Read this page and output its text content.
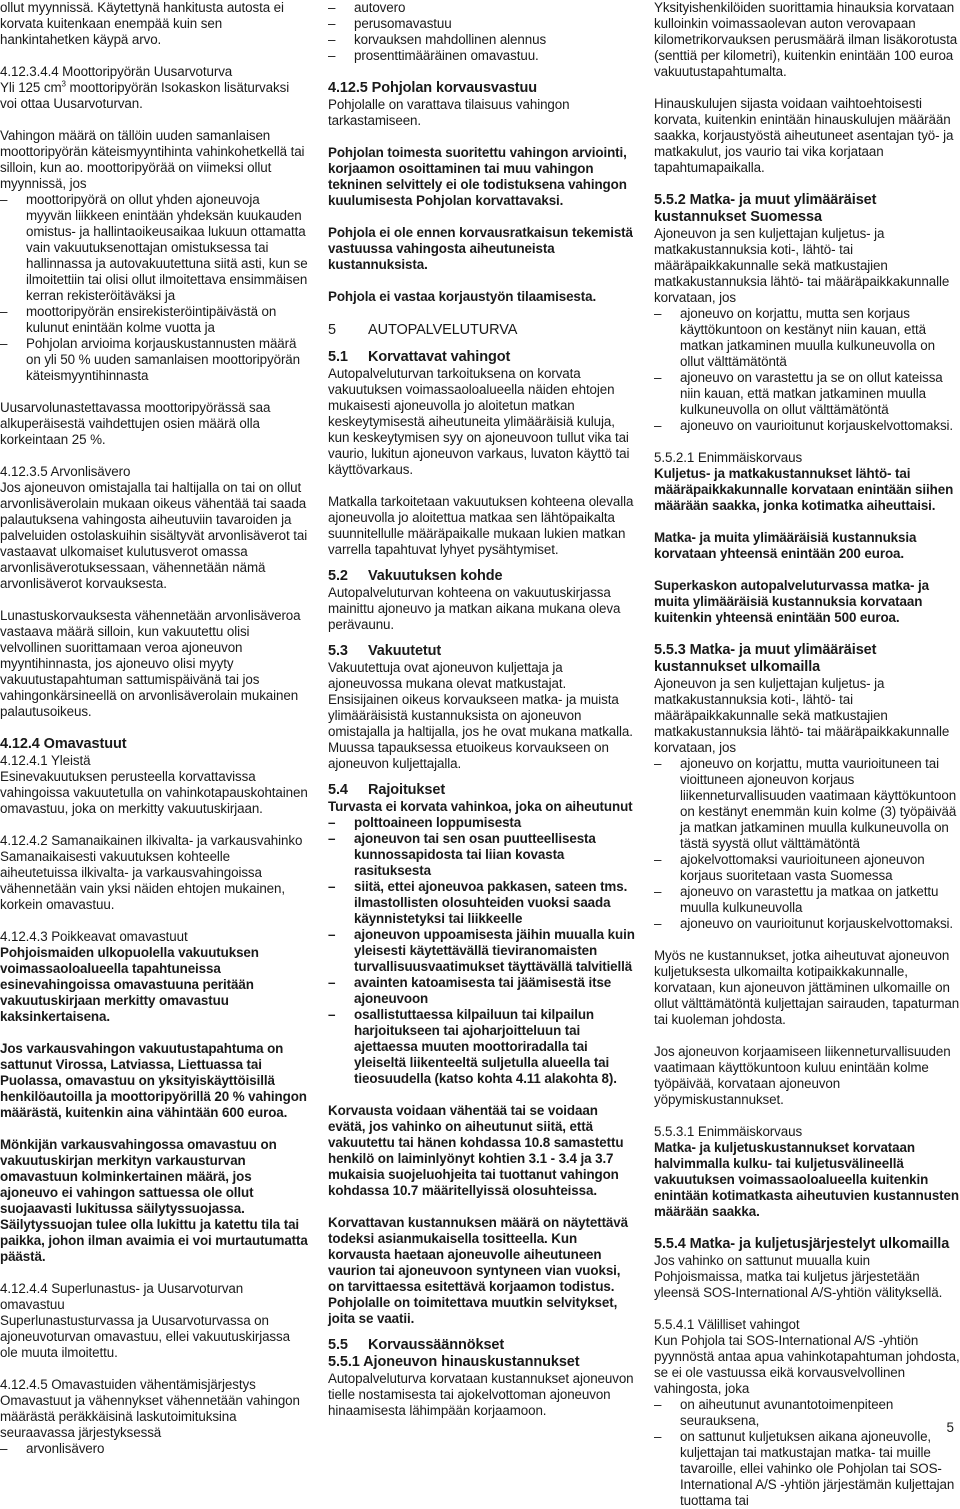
ollut myynnissä. Käytettynä hankitusta autosta ei korvata kuitenkaan enempää kuin sen hankintahetken käypä arvo.

4.12.3.4.4 Moottoripyörän Uusarvoturva

Yli 125 $cm^3$ moottoripyörän Isokaskon lisäturvaksi voi ottaa Uusarvoturvan.

Vahingon määrä on tällöin uuden samanlaisen moottoripyörän käteismyyntihinta vahinkohetkellä tai silloin, kun ao. moottoripyörää on viimeksi ollut myynnissä, jos

– moottoripyörä on ollut yhden ajoneuvoja myyvän liikkeen enintään yhdeksän kuukauden omistus- ja hallintaoikeusaikaa lukuun ottamatta vain vakuutuksenottajan omistuksessa tai hallinnassa ja autovakuutettuna siitä asti, kun se ilmoitettiin tai olisi ollut ilmoitettava ensimmäisen kerran rekisteröitäväksi ja
– moottoripyörän ensirekisteröintipäivästä on kulunut enintään kolme vuotta ja
– Pohjolan arvioima korjauskustannusten määrä on yli 50 % uuden samanlaisen moottoripyörän käteismyyntihinnasta

Uusarvolunastettavassa moottoripyörässä saa alkuperäisestä vaihdettujen osien määrä olla korkeintaan 25 %.

4.12.3.5 Arvonlisävero

Jos ajoneuvon omistajalla tai haltijalla on tai on ollut arvonlisäverolain mukaan oikeus vähentää tai saada palautuksena vahingosta aiheutuviin tavaroiden ja palveluiden ostolaskuihin sisältyvät arvonlisäverot tai vastaavat ulkomaiset kulutusverot omassa arvonlisäverotuksessaan, vähennetään nämä arvonlisäverot korvauksesta.

Lunastuskorvauksesta vähennetään arvonlisäveroa vastaava määrä silloin, kun vakuutettu olisi velvollinen suorittamaan veroa ajoneuvon myyntihinnasta, jos ajoneuvo olisi myyty vakuutustapahtuman sattumispäivänä tai jos vahingonkärsineellä on arvonlisäverolain mukainen palautusoikeus.

4.12.4 Omavastuut

4.12.4.1 Yleistä

Esinevakuutuksen perusteella korvattavissa vahingoissa vakuutetulla on vahinkotapauskohtainen omavastuu, joka on merkitty vakuutuskirjaan.

4.12.4.2 Samanaikainen ilkivalta- ja varkausvahinko

Samanaikaisesti vakuutuksen kohteelle aiheutetuissa ilkivalta- ja varkausvahingoissa vähennetään vain yksi näiden ehtojen mukainen, korkein omavastuu.

4.12.4.3 Poikkeavat omavastuut

Pohjoismaiden ulkopuolella vakuutuksen voimassaoloalueella tapahtuneissa esinevahingoissa omavastuuna peritään vakuutuskirjaan merkitty omavastuu kaksinkertaisena.

Jos varkausvahingon vakuutustapahtuma on sattunut Virossa, Latviassa, Liettuassa tai Puolassa, omavastuu on yksityiskäyttöisillä henkilöautoilla ja moottoripyörillä 20 % vahingon määrästä, kuitenkin aina vähintään 600 euroa.

Mönkijän varkausvahingossa omavastuu on vakuutuskirjan merkityn varkausturvan omavastuun kolminkertainen määrä, jos ajoneuvo ei vahingon sattuessa ole ollut suojaavasti lukitussa säilytyssuojassa. Säilytyssuojan tulee olla lukittu ja katettu tila tai paikka, johon ilman avaimia ei voi murtautumatta päästä.

4.12.4.4 Superlunastus- ja Uusarvoturvan omavastuu

Superlunastusturvassa ja Uusarvoturvassa on ajoneuvoturvan omavastuu, ellei vakuutuskirjassa ole muuta ilmoitettu.

4.12.4.5 Omavastuiden vähentämisjärjestys

Omavastuut ja vähennykset vähennetään vahingon määrästä peräkkäisinä laskutoimituksina seuraavassa järjestyksessä

– arvonlisävero
– autovero
– perusomavastuu
– korvauksen mahdollinen alennus
– prosenttimääräinen omavastuu.

4.12.5 Pohjolan korvausvastuu

Pohjolalle on varattava tilaisuus vahingon tarkastamiseen.

Pohjolan toimesta suoritettu vahingon arviointi, korjaamon osoittaminen tai muu vahingon tekninen selvittely ei ole todistuksena vahingon kuulumisesta Pohjolan korvattavaksi.

Pohjola ei ole ennen korvausratkaisun tekemistä vastuussa vahingosta aiheutuneista kustannuksista.

Pohjola ei vastaa korjaustyön tilaamisesta.

5 AUTOPALVELUTURVA

5.1 Korvattavat vahingot

Autopalveluturvan tarkoituksena on korvata vakuutuksen voimassaoloalueella näiden ehtojen mukaisesti ajoneuvolla jo aloitetun matkan keskeytymisestä aiheutuneita ylimääräisiä kuluja, kun keskeytymisen syy on ajoneuvoon tullut vika tai vaurio, lukitun ajoneuvon varkaus, luvaton käyttö tai käyttövarkaus.

Matkalla tarkoitetaan vakuutuksen kohteena olevalla ajoneuvolla jo aloitettua matkaa sen lähtöpaikalta suunnitellulle määräpaikalle mukaan lukien matkan varrella tapahtuvat lyhyet pysähtymiset.

5.2 Vakuutuksen kohde

Autopalveluturvan kohteena on vakuutuskirjassa mainittu ajoneuvo ja matkan aikana mukana oleva perävaunu.

5.3 Vakuutetut

Vakuutettuja ovat ajoneuvon kuljettaja ja ajoneuvossa mukana olevat matkustajat. Ensisijainen oikeus korvaukseen matka- ja muista ylimääräisistä kustannuksista on ajoneuvon omistajalla ja haltijalla, jos he ovat mukana matkalla. Muussa tapauksessa etuoikeus korvaukseen on ajoneuvon kuljettajalla.

5.4 Rajoitukset

Turvasta ei korvata vahinkoa, joka on aiheutunut

– polttoaineen loppumisesta
– ajoneuvon tai sen osan puutteellisesta kunnossapidosta tai liian kovasta rasituksesta
– siitä, ettei ajoneuvoa pakkasen, sateen tms. ilmastollisten olosuhteiden vuoksi saada käynnistetyksi tai liikkeelle
– ajoneuvon uppoamisesta jäihin muualla kuin yleisesti käytettävällä tieviranomaisten turvallisuusvaatimukset täyttävällä talvitiellä
– avainten katoamisesta tai jäämisestä itse ajoneuvoon
– osallistuttaessa kilpailuun tai kilpailun harjoitukseen tai ajoharjoitteluun tai ajettaessa muuten moottoriradalla tai yleiseltä liikenteeltä suljetulla alueella tai tieosuudella (katso kohta 4.11 alakohta 8).

Korvausta voidaan vähentää tai se voidaan evätä, jos vahinko on aiheutunut siitä, että vakuutettu tai hänen kohdassa 10.8 samastettu henkilö on laiminlyönyt kohtien 3.1 - 3.4 ja 3.7 mukaisia suojeluohjeita tai tuottanut vahingon kohdassa 10.7 määritellyissä olosuhteissa.

Korvattavan kustannuksen määrä on näytettävä todeksi asianmukaisella tositteella. Kun korvausta haetaan ajoneuvolle aiheutuneen vaurion tai ajoneuvoon syntyneen vian vuoksi, on tarvittaessa esitettävä korjaamon todistus. Pohjolalle on toimitettava muutkin selvitykset, joita se vaatii.

5.5 Korvaussäännökset

5.5.1 Ajoneuvon hinauskustannukset

Autopalveluturva korvataan kustannukset ajoneuvon tielle nostamisesta tai ajokelvottoman ajoneuvon hinaamisesta lähimpään korjaamoon.

Yksityishenkilöiden suorittamia hinauksia korvataan kulloinkin voimassaolevan auton verovapaan kilometrikorvauksen perusmäärä ilman lisäkorotusta (senttiä per kilometri), kuitenkin enintään 100 euroa vakuutustapahtumalta.

Hinauskulujen sijasta voidaan vaihtoehtoisesti korvata, kuitenkin enintään hinauskulujen määrään saakka, korjaustyöstä aiheutuneet asentajan työ- ja matkakulut, jos vaurio tai vika korjataan tapahtumapaikalla.

5.5.2 Matka- ja muut ylimääräiset kustannukset Suomessa

Ajoneuvon ja sen kuljettajan kuljetus- ja matkakustannuksia koti-, lähtö- tai määräpaikkakunnalle sekä matkustajien matkakustannuksia lähtö- tai määräpaikkakunnalle korvataan, jos

– ajoneuvo on korjattu, mutta sen korjaus käyttökuntoon on kestänyt niin kauan, että matkan jatkaminen muulla kulkuneuvolla on ollut välttämätöntä
– ajoneuvo on varastettu ja se on ollut kateissa niin kauan, että matkan jatkaminen muulla kulkuneuvolla on ollut välttämätöntä
– ajoneuvo on vaurioitunut korjauskelvottomaksi.

5.5.2.1 Enimmäiskorvaus

Kuljetus- ja matkakustannukset lähtö- tai määräpaikkakunnalle korvataan enintään siihen määrään saakka, jonka kotimatka aiheuttaisi.

Matka- ja muita ylimääräisiä kustannuksia korvataan yhteensä enintään 200 euroa.

Superkaskon autopalveluturvassa matka- ja muita ylimääräisiä kustannuksia korvataan kuitenkin yhteensä enintään 500 euroa.

5.5.3 Matka- ja muut ylimääräiset kustannukset ulkomailla

Ajoneuvon ja sen kuljettajan kuljetus- ja matkakustannuksia koti-, lähtö- tai määräpaikkakunnalle sekä matkustajien matkakustannuksia lähtö- tai määräpaikkakunnalle korvataan, jos

– ajoneuvo on korjattu, mutta vaurioituneen tai vioittuneen ajoneuvon korjaus liikenneturvallisuuden vaatimaan käyttökuntoon on kestänyt enemmän kuin kolme (3) työpäivää ja matkan jatkaminen muulla kulkuneuvolla on tästä syystä ollut välttämätöntä
– ajokelvottomaksi vaurioituneen ajoneuvon korjaus suoritetaan vasta Suomessa
– ajoneuvo on varastettu ja matkaa on jatkettu muulla kulkuneuvolla
– ajoneuvo on vaurioitunut korjauskelvottomaksi.

Myös ne kustannukset, jotka aiheutuvat ajoneuvon kuljetuksesta ulkomailta kotipaikkakunnalle, korvataan, kun ajoneuvon jättäminen ulkomaille on ollut välttämätöntä kuljettajan sairauden, tapaturman tai kuoleman johdosta.

Jos ajoneuvon korjaamiseen liikenneturvallisuuden vaatimaan käyttökuntoon kuluu enintään kolme työpäivää, korvataan ajoneuvon yöpymiskustannukset.

5.5.3.1 Enimmäiskorvaus

Matka- ja kuljetuskustannukset korvataan halvimmalla kulku- tai kuljetusvälineellä vakuutuksen voimassaoloalueella kuitenkin enintään kotimatkasta aiheutuvien kustannusten määrään saakka.

5.5.4 Matka- ja kuljetusjärjestelyt ulkomailla

Jos vahinko on sattunut muualla kuin Pohjoismaissa, matka tai kuljetus järjestetään yleensä SOS-International A/S-yhtiön välityksellä.

5.5.4.1 Välilliset vahingot

Kun Pohjola tai SOS-International A/S -yhtiön pyynnöstä antaa apua vahinkotapahtuman johdosta, se ei ole vastuussa eikä korvausvelvollinen vahingosta, joka

– on aiheutunut avunantotoimenpiteen seurauksena,
– on sattunut kuljetuksen aikana ajoneuvolle, kuljettajan tai matkustajan matka- tai muille tavaroille, ellei vahinko ole Pohjolan tai SOS-International A/S -yhtiön järjestämän kuljettajan tuottama tai
5
